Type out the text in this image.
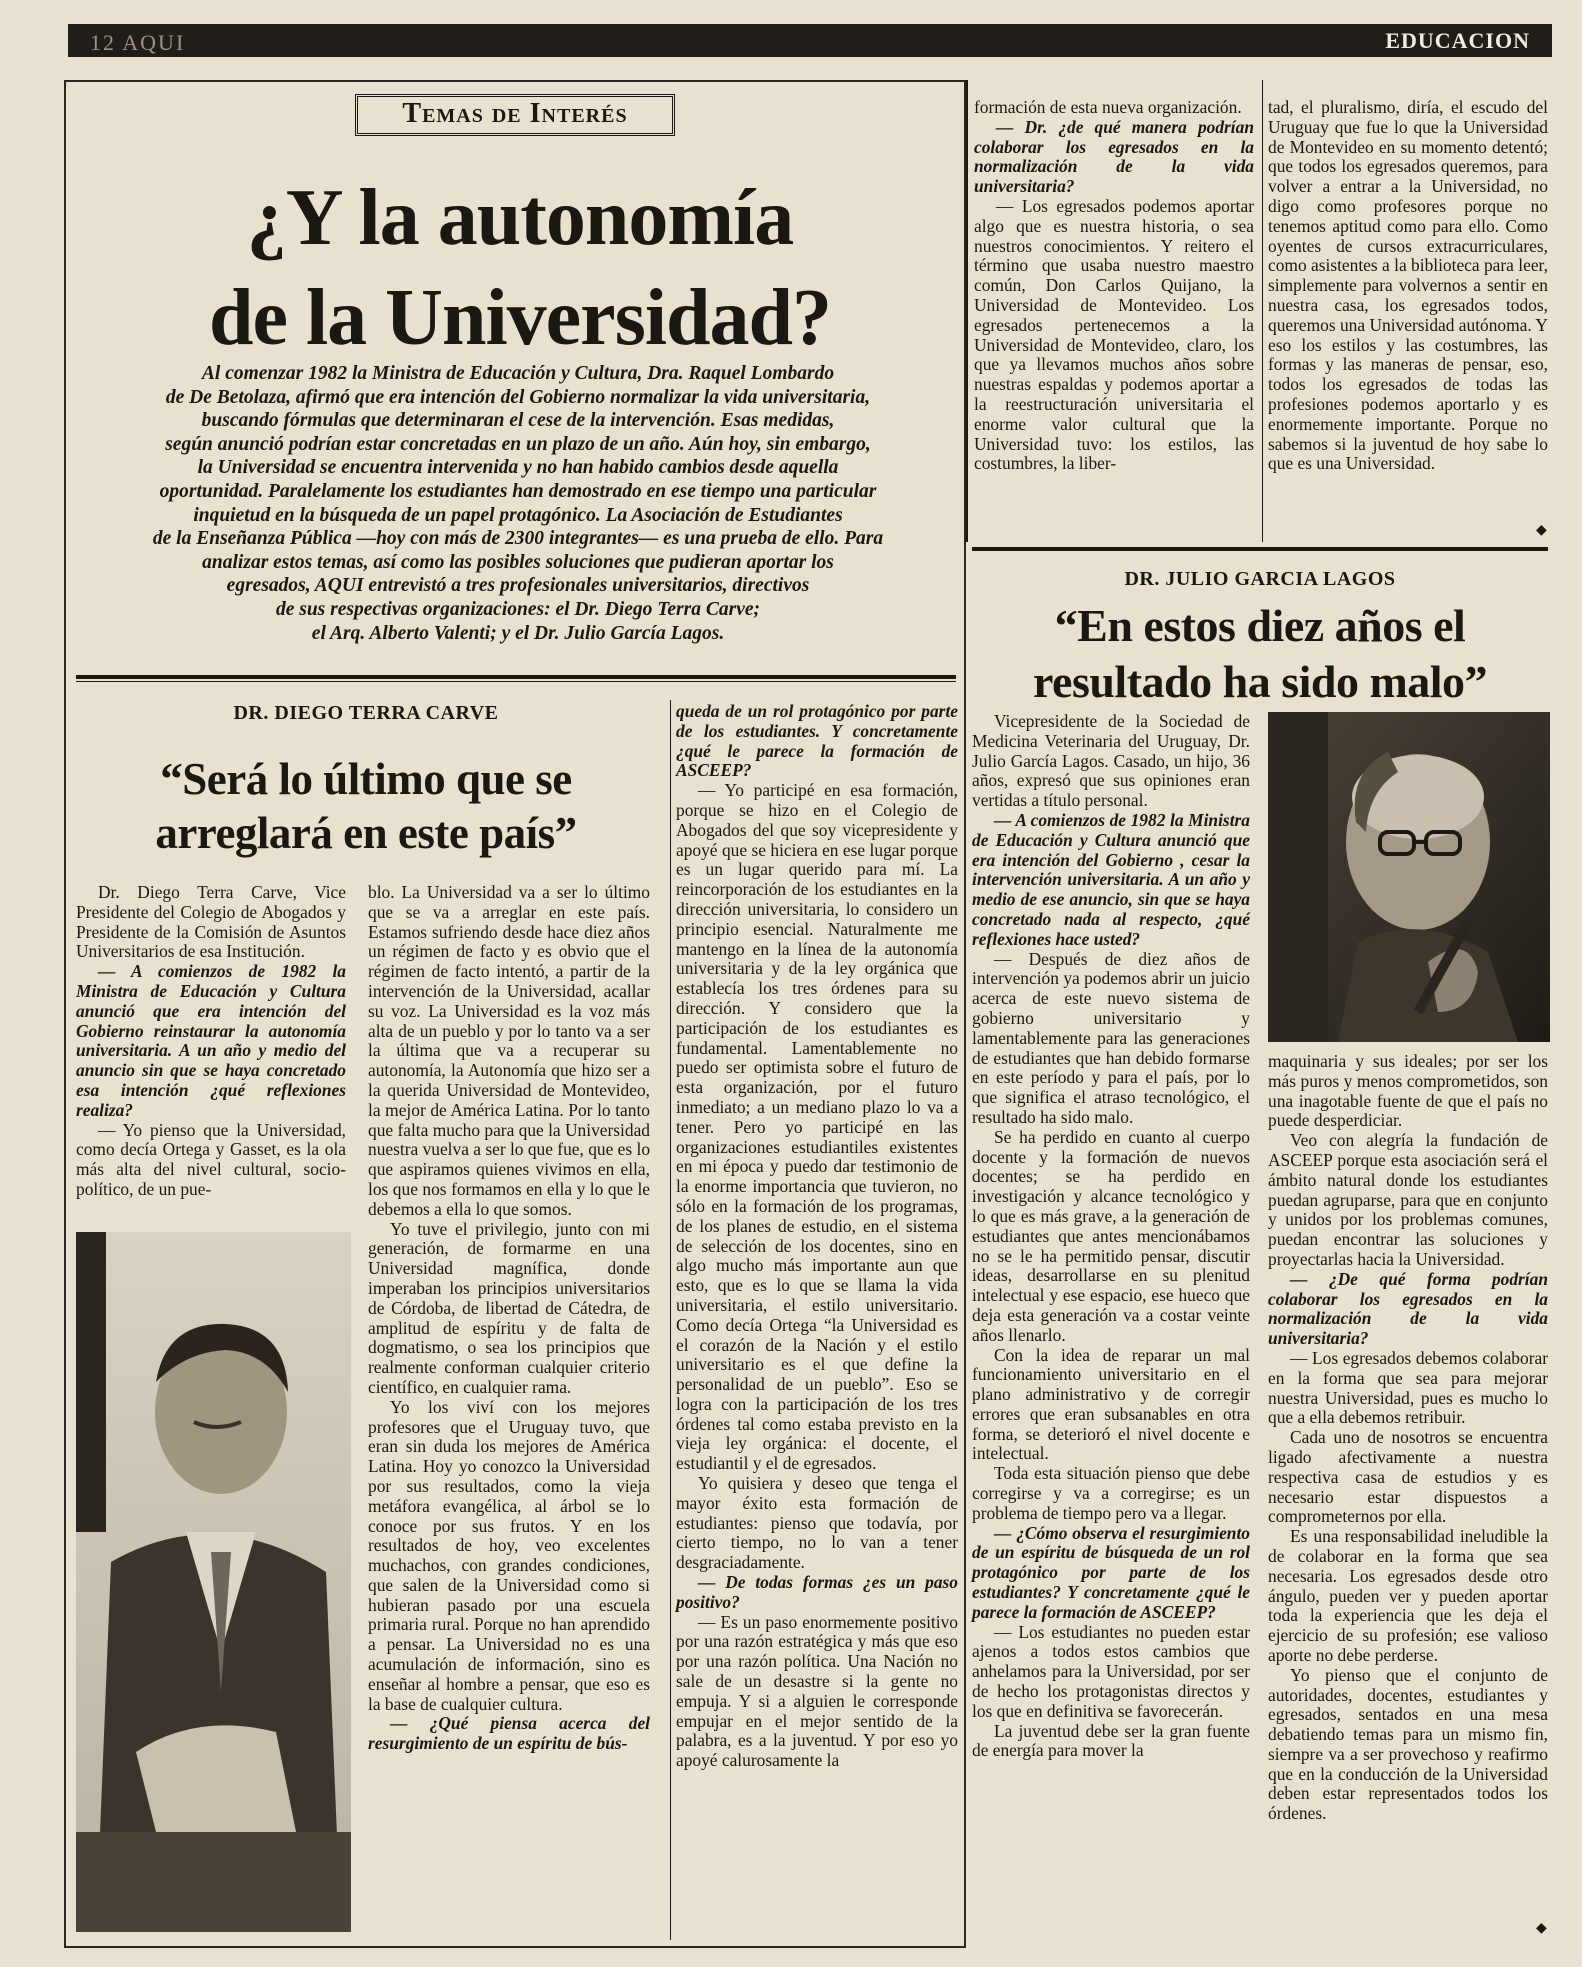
12 AQUI	EDUCACION
Temas de Interés
¿Y la autonomía
de la Universidad?
Al comenzar 1982 la Ministra de Educación y Cultura, Dra. Raquel Lombardo
de De Betolaza, afirmó que era intención del Gobierno normalizar la vida universitaria,
buscando fórmulas que determinaran el cese de la intervención. Esas medidas,
según anunció podrían estar concretadas en un plazo de un año. Aún hoy, sin embargo,
la Universidad se encuentra intervenida y no han habido cambios desde aquella
oportunidad. Paralelamente los estudiantes han demostrado en ese tiempo una particular
inquietud en la búsqueda de un papel protagónico. La Asociación de Estudiantes
de la Enseñanza Pública —hoy con más de 2300 integrantes— es una prueba de ello. Para
analizar estos temas, así como las posibles soluciones que pudieran aportar los
egresados, AQUI entrevistó a tres profesionales universitarios, directivos
de sus respectivas organizaciones: el Dr. Diego Terra Carve;
el Arq. Alberto Valenti; y el Dr. Julio García Lagos.

formación de esta nueva organización.

— Dr. ¿de qué manera podrían colaborar los egresados en la normalización de la vida universitaria?

— Los egresados podemos aportar algo que es nuestra historia, o sea nuestros conocimientos. Y reitero el término que usaba nuestro maestro común, Don Carlos Quijano, la Universidad de Montevideo. Los egresados pertenecemos a la Universidad de Montevideo, claro, los que ya llevamos muchos años sobre nuestras espaldas y podemos aportar a la reestructuración universitaria el enorme valor cultural que la Universidad tuvo: los estilos, las costumbres, la liber-

tad, el pluralismo, diría, el escudo del Uruguay que fue lo que la Universidad de Montevideo en su momento detentó; que todos los egresados queremos, para volver a entrar a la Universidad, no digo como profesores porque no tenemos aptitud como para ello. Como oyentes de cursos extracurriculares, como asistentes a la biblioteca para leer, simplemente para volvernos a sentir en nuestra casa, los egresados todos, queremos una Universidad autónoma. Y eso los estilos y las costumbres, las formas y las maneras de pensar, eso, todos los egresados de todas las profesiones podemos aportarlo y es enormemente importante. Porque no sabemos si la juventud de hoy sabe lo que es una Universidad.

◆
DR. JULIO GARCIA LAGOS
“En estos diez años el
resultado ha sido malo”

Vicepresidente de la Sociedad de Medicina Veterinaria del Uruguay, Dr. Julio García Lagos. Casado, un hijo, 36 años, expresó que sus opiniones eran vertidas a título personal.

— A comienzos de 1982 la Ministra de Educación y Cultura anunció que era intención del Gobierno , cesar la intervención universitaria. A un año y medio de ese anuncio, sin que se haya concretado nada al respecto, ¿qué reflexiones hace usted?

— Después de diez años de intervención ya podemos abrir un juicio acerca de este nuevo sistema de gobierno universitario y lamentablemente para las generaciones de estudiantes que han debido formarse en este período y para el país, por lo que significa el atraso tecnológico, el resultado ha sido malo.

Se ha perdido en cuanto al cuerpo docente y la formación de nuevos docentes; se ha perdido en investigación y alcance tecnológico y lo que es más grave, a la generación de estudiantes que antes mencionábamos no se le ha permitido pensar, discutir ideas, desarrollarse en su plenitud intelectual y ese espacio, ese hueco que deja esta generación va a costar veinte años llenarlo.

Con la idea de reparar un mal funcionamiento universitario en el plano administrativo y de corregir errores que eran subsanables en otra forma, se deterioró el nivel docente e intelectual.

Toda esta situación pienso que debe corregirse y va a corregirse; es un problema de tiempo pero va a llegar.

— ¿Cómo observa el resurgimiento de un espíritu de búsqueda de un rol protagónico por parte de los estudiantes? Y concretamente ¿qué le parece la formación de ASCEEP?

— Los estudiantes no pueden estar ajenos a todos estos cambios que anhelamos para la Universidad, por ser de hecho los protagonistas directos y los que en definitiva se favorecerán.

La juventud debe ser la gran fuente de energía para mover la

maquinaria y sus ideales; por ser los más puros y menos comprometidos, son una inagotable fuente de que el país no puede desperdiciar.

Veo con alegría la fundación de ASCEEP porque esta asociación será el ámbito natural donde los estudiantes puedan agruparse, para que en conjunto y unidos por los problemas comunes, puedan encontrar las soluciones y proyectarlas hacia la Universidad.

— ¿De qué forma podrían colaborar los egresados en la normalización de la vida universitaria?

— Los egresados debemos colaborar en la forma que sea para mejorar nuestra Universidad, pues es mucho lo que a ella debemos retribuir.

Cada uno de nosotros se encuentra ligado afectivamente a nuestra respectiva casa de estudios y es necesario estar dispuestos a comprometernos por ella.

Es una responsabilidad ineludible la de colaborar en la forma que sea necesaria. Los egresados desde otro ángulo, pueden ver y pueden aportar toda la experiencia que les deja el ejercicio de su profesión; ese valioso aporte no debe perderse.

Yo pienso que el conjunto de autoridades, docentes, estudiantes y egresados, sentados en una mesa debatiendo temas para un mismo fin, siempre va a ser provechoso y reafirmo que en la conducción de la Universidad deben estar representados todos los órdenes.

◆
DR. DIEGO TERRA CARVE
“Será lo último que se
arreglará en este país”

Dr. Diego Terra Carve, Vice Presidente del Colegio de Abogados y Presidente de la Comisión de Asuntos Universitarios de esa Institución.

— A comienzos de 1982 la Ministra de Educación y Cultura anunció que era intención del Gobierno reinstaurar la autonomía universitaria. A un año y medio del anuncio sin que se haya concretado esa intención ¿qué reflexiones realiza?

— Yo pienso que la Universidad, como decía Ortega y Gasset, es la ola más alta del nivel cultural, socio-político, de un pue-

blo. La Universidad va a ser lo último que se va a arreglar en este país. Estamos sufriendo desde hace diez años un régimen de facto y es obvio que el régimen de facto intentó, a partir de la intervención de la Universidad, acallar su voz. La Universidad es la voz más alta de un pueblo y por lo tanto va a ser la última que va a recuperar su autonomía, la Autonomía que hizo ser a la querida Universidad de Montevideo, la mejor de América Latina. Por lo tanto que falta mucho para que la Universidad nuestra vuelva a ser lo que fue, que es lo que aspiramos quienes vivimos en ella, los que nos formamos en ella y lo que le debemos a ella lo que somos.

Yo tuve el privilegio, junto con mi generación, de formarme en una Universidad magnífica, donde imperaban los principios universitarios de Córdoba, de libertad de Cátedra, de amplitud de espíritu y de falta de dogmatismo, o sea los principios que realmente conforman cualquier criterio científico, en cualquier rama.

Yo los viví con los mejores profesores que el Uruguay tuvo, que eran sin duda los mejores de América Latina. Hoy yo conozco la Universidad por sus resultados, como la vieja metáfora evangélica, al árbol se lo conoce por sus frutos. Y en los resultados de hoy, veo excelentes muchachos, con grandes condiciones, que salen de la Universidad como si hubieran pasado por una escuela primaria rural. Porque no han aprendido a pensar. La Universidad no es una acumulación de información, sino es enseñar al hombre a pensar, que eso es la base de cualquier cultura.

— ¿Qué piensa acerca del resurgimiento de un espíritu de bús-

queda de un rol protagónico por parte de los estudiantes. Y concretamente ¿qué le parece la formación de ASCEEP?

— Yo participé en esa formación, porque se hizo en el Colegio de Abogados del que soy vicepresidente y apoyé que se hiciera en ese lugar porque es un lugar querido para mí. La reincorporación de los estudiantes en la dirección universitaria, lo considero un principio esencial. Naturalmente me mantengo en la línea de la autonomía universitaria y de la ley orgánica que establecía los tres órdenes para su dirección. Y considero que la participación de los estudiantes es fundamental. Lamentablemente no puedo ser optimista sobre el futuro de esta organización, por el futuro inmediato; a un mediano plazo lo va a tener. Pero yo participé en las organizaciones estudiantiles existentes en mi época y puedo dar testimonio de la enorme importancia que tuvieron, no sólo en la formación de los programas, de los planes de estudio, en el sistema de selección de los docentes, sino en algo mucho más importante aun que esto, que es lo que se llama la vida universitaria, el estilo universitario. Como decía Ortega “la Universidad es el corazón de la Nación y el estilo universitario es el que define la personalidad de un pueblo”. Eso se logra con la participación de los tres órdenes tal como estaba previsto en la vieja ley orgánica: el docente, el estudiantil y el de egresados.

Yo quisiera y deseo que tenga el mayor éxito esta formación de estudiantes: pienso que todavía, por cierto tiempo, no lo van a tener desgraciadamente.

— De todas formas ¿es un paso positivo?

— Es un paso enormemente positivo por una razón estratégica y más que eso por una razón política. Una Nación no sale de un desastre si la gente no empuja. Y si a alguien le corresponde empujar en el mejor sentido de la palabra, es a la juventud. Y por eso yo apoyé calurosamente la
